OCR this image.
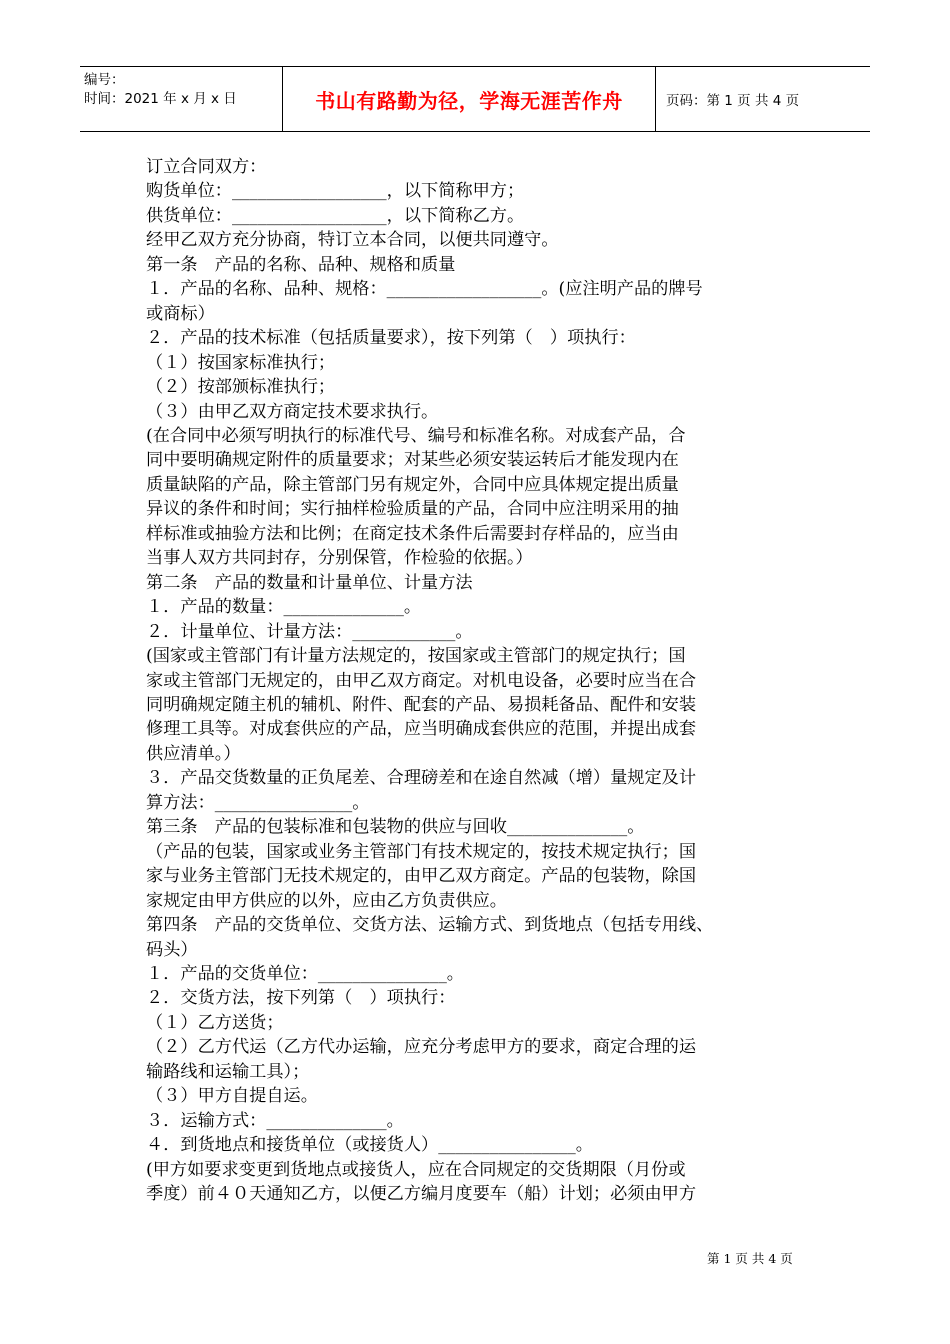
编号：
时间：2021 年 x 月 x 日	书山有路勤为径，学海无涯苦作舟	页码：第 1 页 共 4 页

订立合同双方：

购货单位：__________________，以下简称甲方；

供货单位：__________________，以下简称乙方。

经甲乙双方充分协商，特订立本合同，以便共同遵守。

第一条　产品的名称、品种、规格和质量

１．产品的名称、品种、规格：__________________。(应注明产品的牌号

或商标）

２．产品的技术标准（包括质量要求），按下列第（　）项执行：

（１）按国家标准执行；

（２）按部颁标准执行；

（３）由甲乙双方商定技术要求执行。

(在合同中必须写明执行的标准代号、编号和标准名称。对成套产品，合

同中要明确规定附件的质量要求；对某些必须安装运转后才能发现内在

质量缺陷的产品，除主管部门另有规定外，合同中应具体规定提出质量

异议的条件和时间；实行抽样检验质量的产品，合同中应注明采用的抽

样标准或抽验方法和比例；在商定技术条件后需要封存样品的，应当由

当事人双方共同封存，分别保管，作检验的依据。）

第二条　产品的数量和计量单位、计量方法

１．产品的数量：______________。

２．计量单位、计量方法：____________。

(国家或主管部门有计量方法规定的，按国家或主管部门的规定执行；国

家或主管部门无规定的，由甲乙双方商定。对机电设备，必要时应当在合

同明确规定随主机的辅机、附件、配套的产品、易损耗备品、配件和安装

修理工具等。对成套供应的产品，应当明确成套供应的范围，并提出成套

供应清单。）

３．产品交货数量的正负尾差、合理磅差和在途自然减（增）量规定及计

算方法：________________。

第三条　产品的包装标准和包装物的供应与回收______________。

（产品的包装，国家或业务主管部门有技术规定的，按技术规定执行；国

家与业务主管部门无技术规定的，由甲乙双方商定。产品的包装物，除国

家规定由甲方供应的以外，应由乙方负责供应。

第四条　产品的交货单位、交货方法、运输方式、到货地点（包括专用线、

码头）

１．产品的交货单位：_______________。

２．交货方法，按下列第（　）项执行：

（１）乙方送货；

（２）乙方代运（乙方代办运输，应充分考虑甲方的要求，商定合理的运

输路线和运输工具）；

（３）甲方自提自运。

３．运输方式：______________。

４．到货地点和接货单位（或接货人）________________。

(甲方如要求变更到货地点或接货人，应在合同规定的交货期限（月份或

季度）前４０天通知乙方，以便乙方编月度要车（船）计划；必须由甲方

第 1 页 共 4 页
